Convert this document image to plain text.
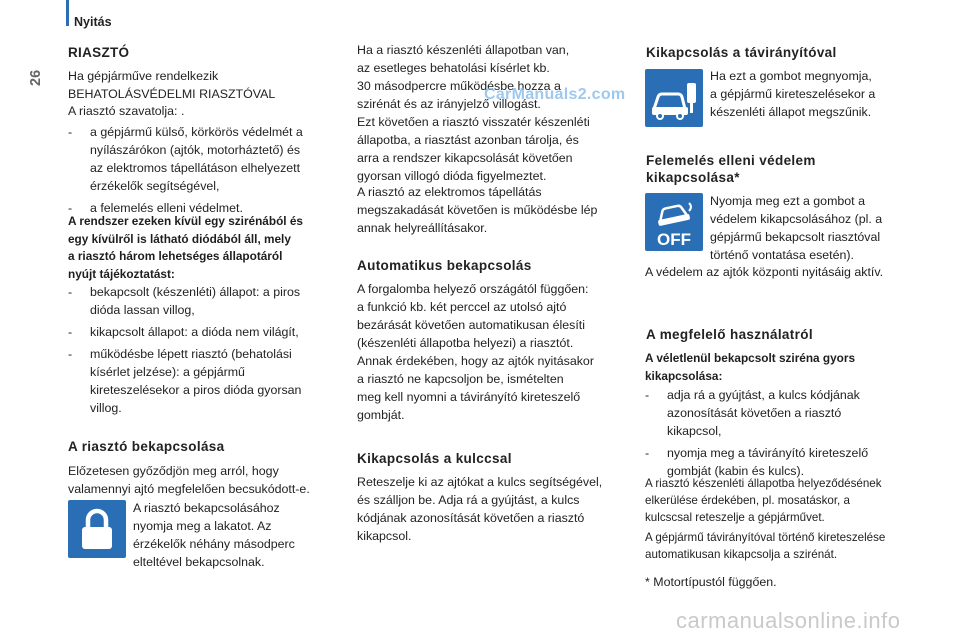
Nyitás
26
RIASZTÓ
Ha gépjárműve rendelkezik
BEHATOLÁSVÉDELMI RIASZTÓVAL
A riasztó szavatolja: .
- a gépjármű külső, körkörös védelmét a
nyílászárókon (ajtók, motorháztető) és
az elektromos tápellátáson elhelyezett
érzékelők segítségével,
- a felemelés elleni védelmet.
A rendszer ezeken kívül egy szirénából és
egy kívülről is látható diódából áll, mely
a riasztó három lehetséges állapotáról
nyújt tájékoztatást:
- bekapcsolt (készenléti) állapot: a piros
dióda lassan villog,
- kikapcsolt állapot: a dióda nem világít,
- működésbe lépett riasztó (behatolási
kísérlet jelzése): a gépjármű
kireteszelésekor a piros dióda gyorsan
villog.
A riasztó bekapcsolása
Előzetesen győződjön meg arról, hogy
valamennyi ajtó megfelelően becsukódott-e.
A riasztó bekapcsolásához
nyomja meg a lakatot. Az
érzékelők néhány másodperc
elteltével bekapcsolnak.
Ha a riasztó készenléti állapotban van,
az esetleges behatolási kísérlet kb.
30 másodpercre működésbe hozza a
szirénát és az irányjelző villogást.
Ezt követően a riasztó visszatér készenléti
állapotba, a riasztást azonban tárolja, és
arra a rendszer kikapcsolását követően
gyorsan villogó dióda figyelmeztet.
A riasztó az elektromos tápellátás
megszakadását követően is működésbe lép
annak helyreállításakor.
Automatikus bekapcsolás
A forgalomba helyező országától függően:
a funkció kb. két perccel az utolsó ajtó
bezárását követően automatikusan élesíti
(készenléti állapotba helyezi) a riasztót.
Annak érdekében, hogy az ajtók nyitásakor
a riasztó ne kapcsoljon be, ismételten
meg kell nyomni a távirányító kireteszelő
gombját.
Kikapcsolás a kulccsal
Reteszelje ki az ajtókat a kulcs segítségével,
és szálljon be. Adja rá a gyújtást, a kulcs
kódjának azonosítását követően a riasztó
kikapcsol.
Kikapcsolás a távirányítóval
Ha ezt a gombot megnyomja,
a gépjármű kireteszelésekor a
készenléti állapot megszűnik.
Felemelés elleni védelem
kikapcsolása*
OFF
Nyomja meg ezt a gombot a
védelem kikapcsolásához (pl. a
gépjármű bekapcsolt riasztóval
történő vontatása esetén).
A védelem az ajtók központi nyitásáig aktív.
A megfelelő használatról
A véletlenül bekapcsolt sziréna gyors
kikapcsolása:
- adja rá a gyújtást, a kulcs kódjának
azonosítását követően a riasztó
kikapcsol,
- nyomja meg a távirányító kireteszelő
gombját (kabin és kulcs).
A riasztó készenléti állapotba helyeződésének
elkerülése érdekében, pl. mosatáskor, a
kulcscsal reteszelje a gépjárművet.
A gépjármű távirányítóval történő kireteszelése
automatikusan kikapcsolja a szirénát.
* Motortípustól függően.
CarManuals2.com
carmanualsonline.info
